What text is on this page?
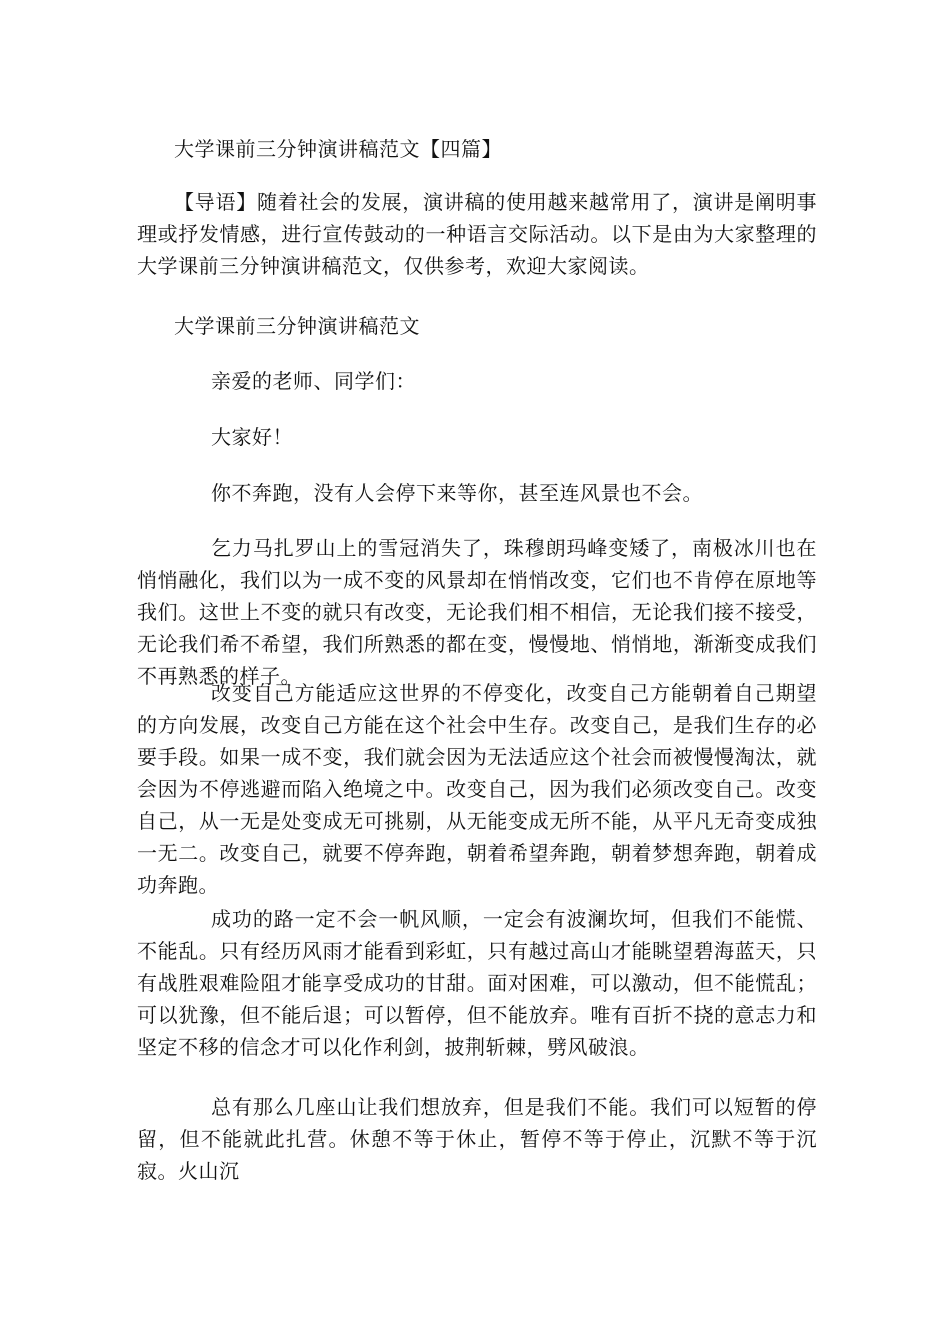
大学课前三分钟演讲稿范文【四篇】
【导语】随着社会的发展，演讲稿的使用越来越常用了，演讲是阐明事理或抒发情感，进行宣传鼓动的一种语言交际活动。以下是由为大家整理的大学课前三分钟演讲稿范文，仅供参考，欢迎大家阅读。
大学课前三分钟演讲稿范文
亲爱的老师、同学们：
大家好！
你不奔跑，没有人会停下来等你，甚至连风景也不会。
乞力马扎罗山上的雪冠消失了，珠穆朗玛峰变矮了，南极冰川也在悄悄融化，我们以为一成不变的风景却在悄悄改变，它们也不肯停在原地等我们。这世上不变的就只有改变，无论我们相不相信，无论我们接不接受，无论我们希不希望，我们所熟悉的都在变，慢慢地、悄悄地，渐渐变成我们不再熟悉的样子。
改变自己方能适应这世界的不停变化，改变自己方能朝着自己期望的方向发展，改变自己方能在这个社会中生存。改变自己，是我们生存的必要手段。如果一成不变，我们就会因为无法适应这个社会而被慢慢淘汰，就会因为不停逃避而陷入绝境之中。改变自己，因为我们必须改变自己。改变自己，从一无是处变成无可挑剔，从无能变成无所不能，从平凡无奇变成独一无二。改变自己，就要不停奔跑，朝着希望奔跑，朝着梦想奔跑，朝着成功奔跑。
成功的路一定不会一帆风顺，一定会有波澜坎坷，但我们不能慌、不能乱。只有经历风雨才能看到彩虹，只有越过高山才能眺望碧海蓝天，只有战胜艰难险阻才能享受成功的甘甜。面对困难，可以激动，但不能慌乱；可以犹豫，但不能后退；可以暂停，但不能放弃。唯有百折不挠的意志力和坚定不移的信念才可以化作利剑，披荆斩棘，劈风破浪。
总有那么几座山让我们想放弃，但是我们不能。我们可以短暂的停留，但不能就此扎营。休憩不等于休止，暂停不等于停止，沉默不等于沉寂。火山沉
